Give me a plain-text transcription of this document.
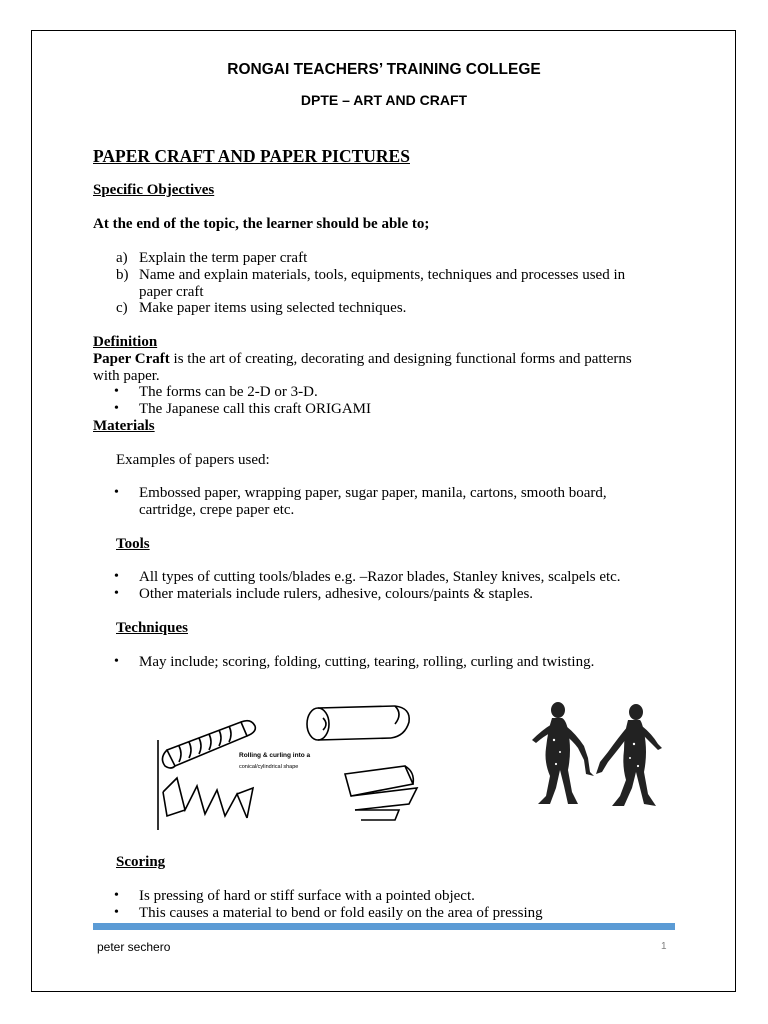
RONGAI TEACHERS’ TRAINING COLLEGE
DPTE – ART AND CRAFT
PAPER CRAFT AND PAPER PICTURES
Specific Objectives
At the end of the topic, the learner should be able to;
a) Explain the term paper craft
b) Name and explain materials, tools, equipments, techniques and processes used in
paper craft
c) Make paper items using selected techniques.
Definition
Paper Craft is the art of creating, decorating and designing functional forms and patterns
with paper.
• The forms can be 2-D or 3-D.
• The Japanese call this craft ORIGAMI
Materials
Examples of papers used:
• Embossed paper, wrapping paper, sugar paper, manila, cartons, smooth board,
cartridge, crepe paper etc.
Tools
• All types of cutting tools/blades e.g. –Razor blades, Stanley knives, scalpels etc.
• Other materials include rulers, adhesive, colours/paints & staples.
Techniques
• May include; scoring, folding, cutting, tearing, rolling, curling and twisting.
Rolling & curling into a
conical/cylindrical shape
Scoring
• Is pressing of hard or stiff surface with a pointed object.
• This causes a material to bend or fold easily on the area of pressing
peter sechero	1
